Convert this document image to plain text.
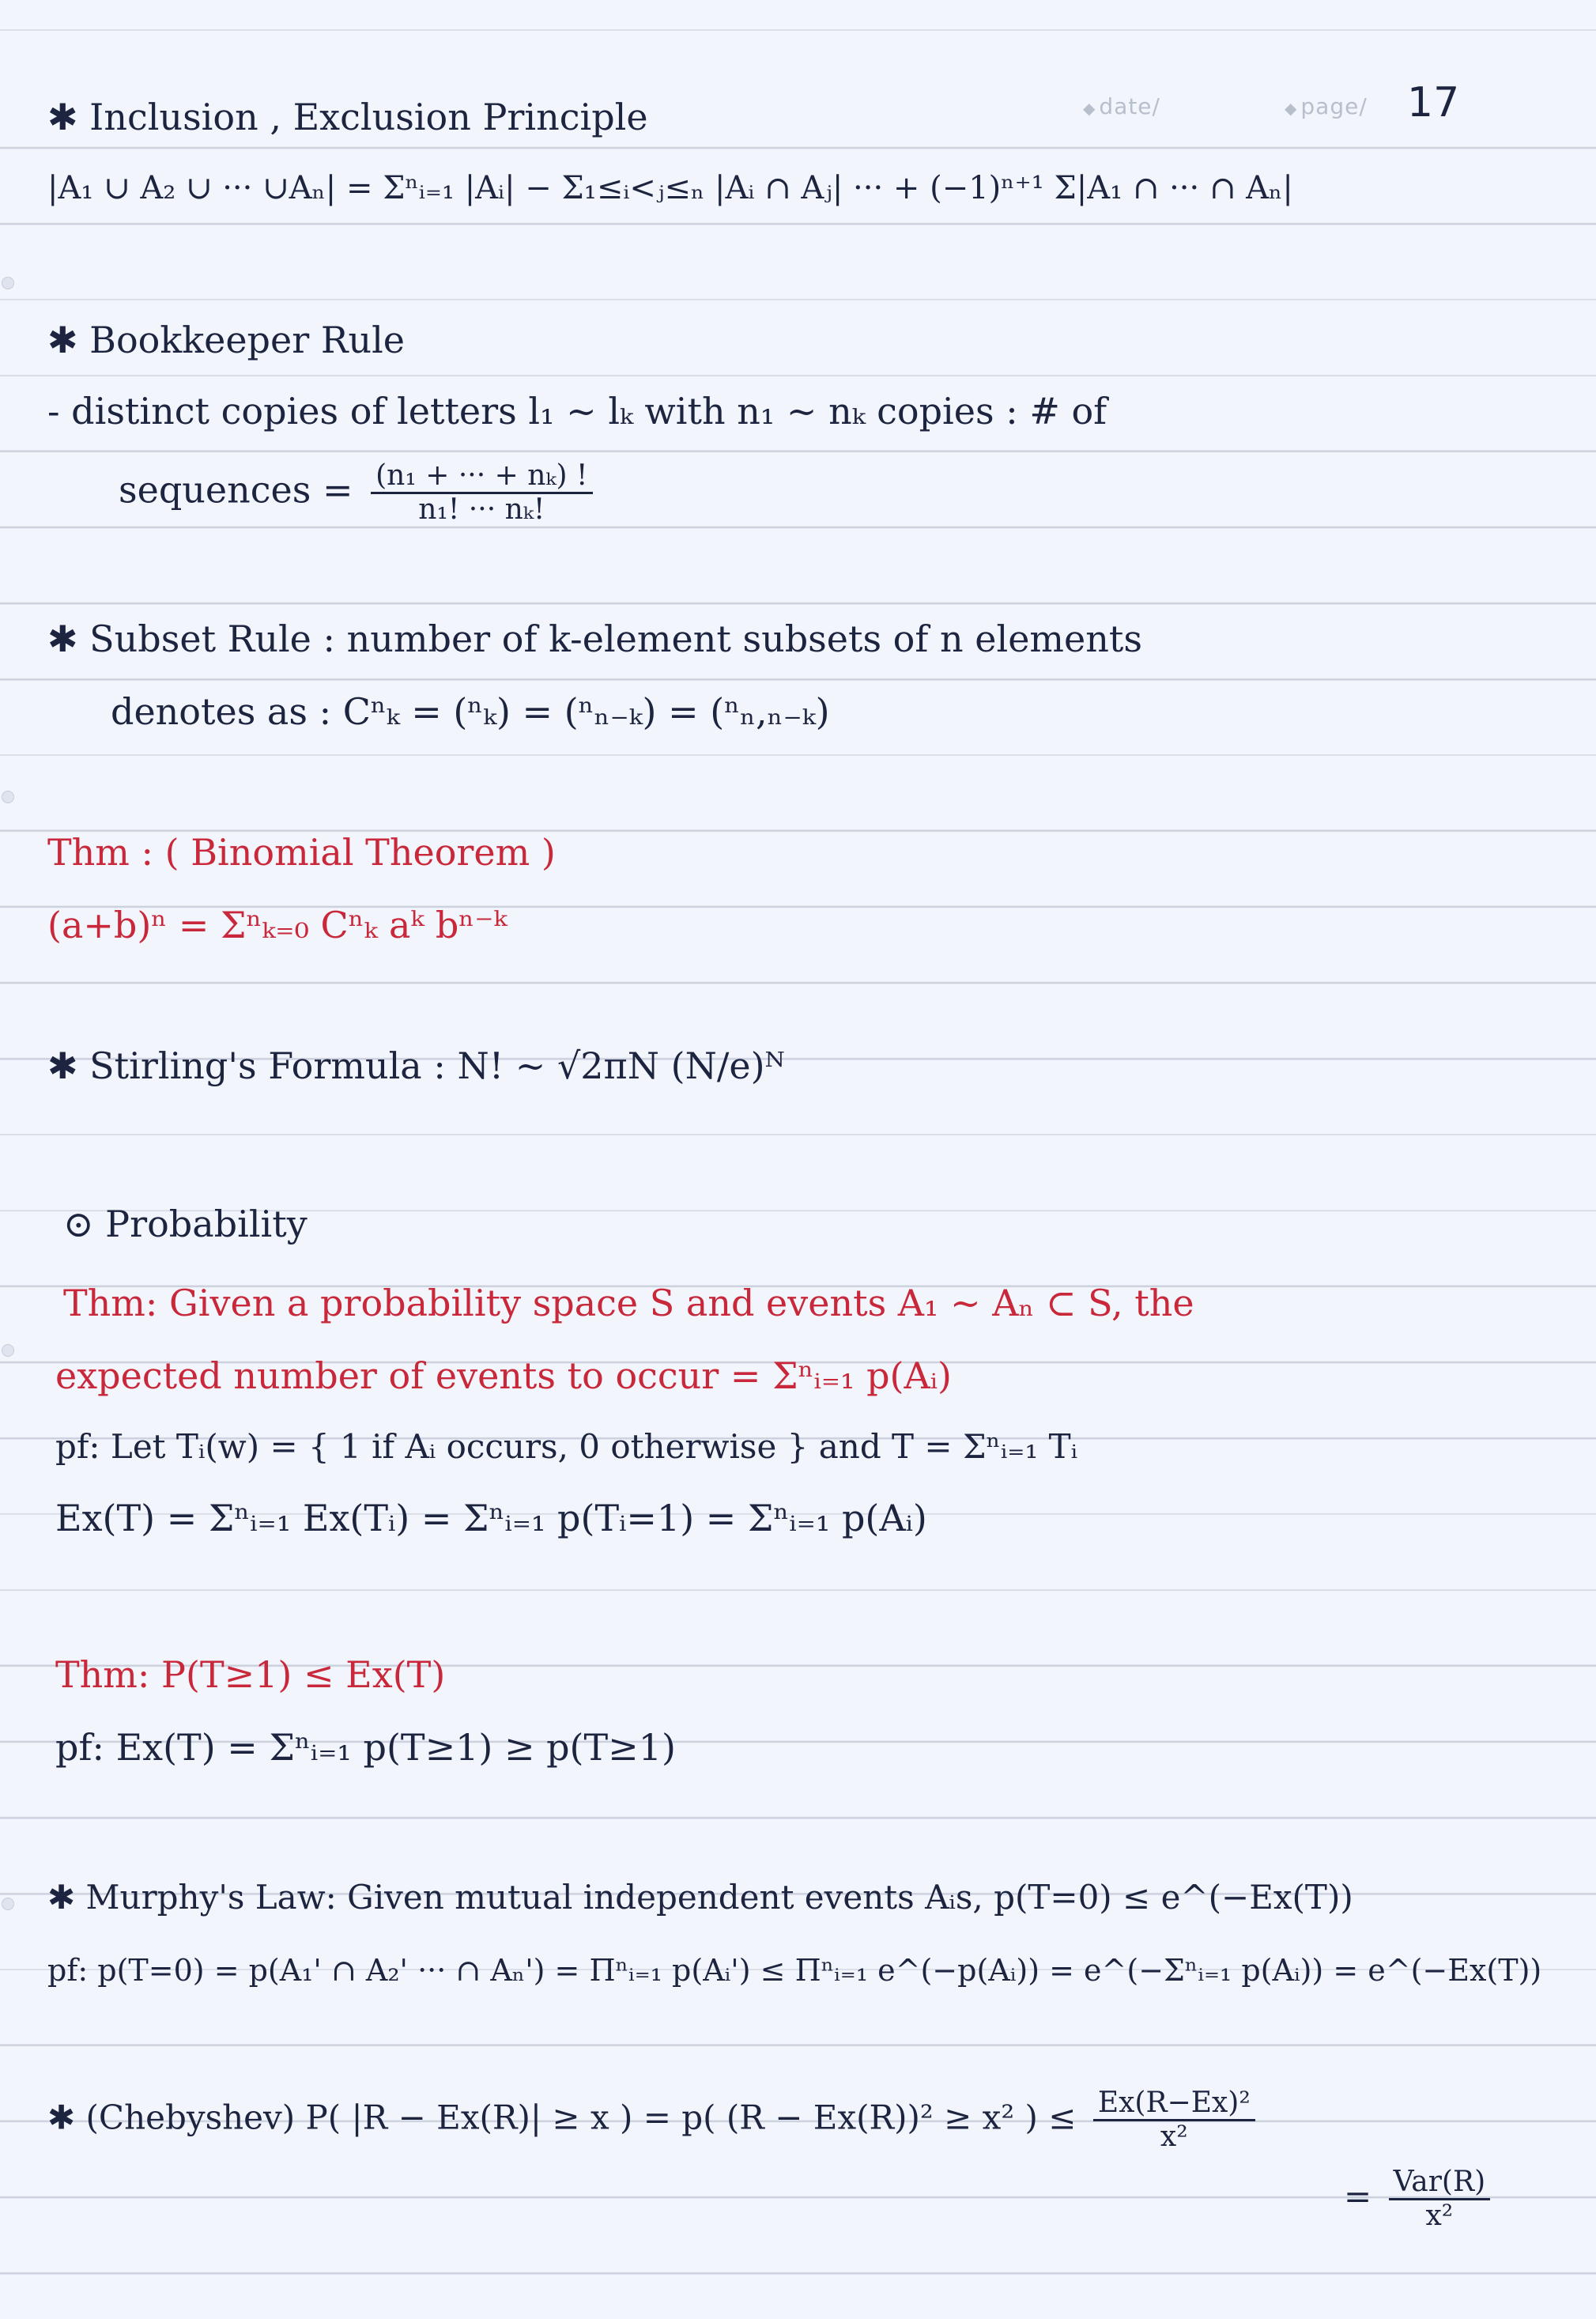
◆ date/	◆ page/ 17
✱ Inclusion , Exclusion Principle
|A₁ ∪ A₂ ∪ ··· ∪Aₙ| = Σⁿᵢ₌₁ |Aᵢ| − Σ₁≤ᵢ<ⱼ≤ₙ |Aᵢ ∩ Aⱼ| ··· + (−1)ⁿ⁺¹ Σ|A₁ ∩ ··· ∩ Aₙ|
✱ Bookkeeper Rule
- distinct copies of letters l₁ ~ lₖ with n₁ ~ nₖ copies : # of
sequences = $\frac{\text{(n₁ + ··· + nₖ) !}}{\text{n₁! ··· nₖ!}}$
✱ Subset Rule : number of k-element subsets of n elements
denotes as : Cⁿₖ = (ⁿₖ) = (ⁿₙ₋ₖ) = (ⁿₙ,ₙ₋ₖ)
Thm : ( Binomial Theorem )
(a+b)ⁿ = Σⁿₖ₌₀ Cⁿₖ aᵏ bⁿ⁻ᵏ
✱ Stirling's Formula : N! ~ √2πN (N/e)ᴺ
⊙ Probability
Thm: Given a probability space S and events A₁ ~ Aₙ ⊂ S, the
expected number of events to occur = Σⁿᵢ₌₁ p(Aᵢ)
pf: Let Tᵢ(w) = { 1 if Aᵢ occurs, 0 otherwise } and T = Σⁿᵢ₌₁ Tᵢ
Ex(T) = Σⁿᵢ₌₁ Ex(Tᵢ) = Σⁿᵢ₌₁ p(Tᵢ=1) = Σⁿᵢ₌₁ p(Aᵢ)
Thm: P(T≥1) ≤ Ex(T)
pf: Ex(T) = Σⁿᵢ₌₁ p(T≥1) ≥ p(T≥1)
✱ Murphy's Law: Given mutual independent events Aᵢs, p(T=0) ≤ e^(−Ex(T))
pf: p(T=0) = p(A₁' ∩ A₂' ··· ∩ Aₙ') = Πⁿᵢ₌₁ p(Aᵢ') ≤ Πⁿᵢ₌₁ e^(−p(Aᵢ)) = e^(−Σⁿᵢ₌₁ p(Aᵢ)) = e^(−Ex(T))
✱ (Chebyshev) P( |R − Ex(R)| ≥ x ) = p( (R − Ex(R))² ≥ x² ) ≤ $\frac{\text{Ex(R−Ex)²}}{\text{x²}}$
= $\frac{\text{Var(R)}}{\text{x²}}$
